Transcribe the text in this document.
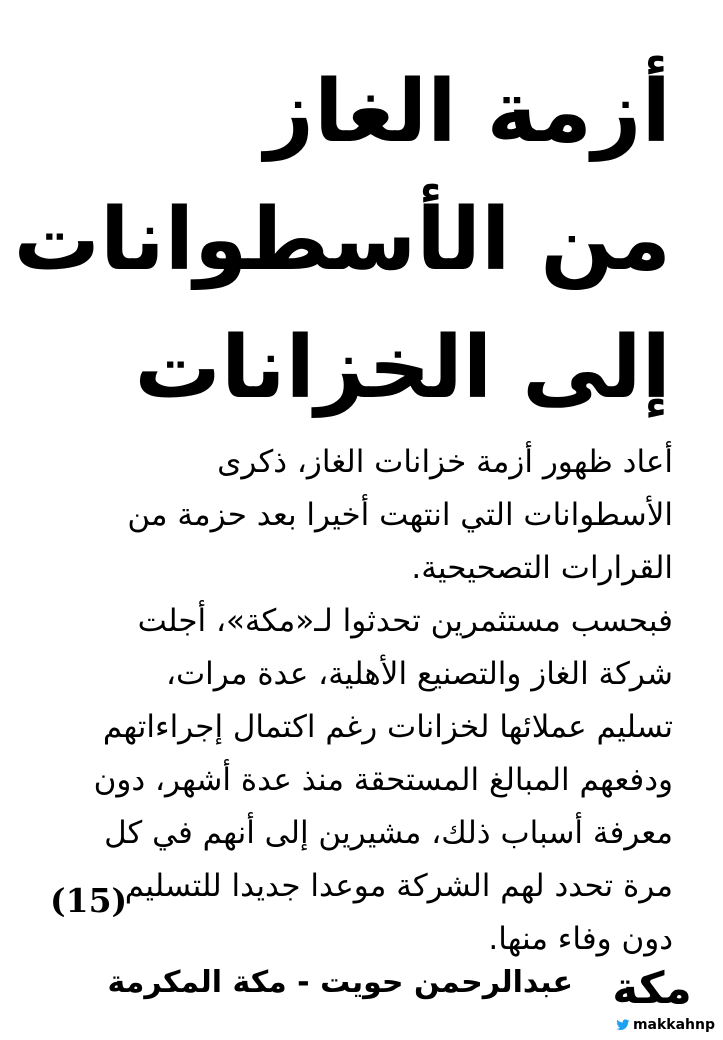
أزمة الغاز
من الأسطوانات
إلى الخزانات
أعاد ظهور أزمة خزانات الغاز، ذكرى
الأسطوانات التي انتهت أخيرا بعد حزمة من
القرارات التصحيحية.
فبحسب مستثمرين تحدثوا لـ«مكة»، أجلت
شركة الغاز والتصنيع الأهلية، عدة مرات،
تسليم عملائها لخزانات رغم اكتمال إجراءاتهم
ودفعهم المبالغ المستحقة منذ عدة أشهر، دون
معرفة أسباب ذلك، مشيرين إلى أنهم في كل
مرة تحدد لهم الشركة موعدا جديدا للتسليم
دون وفاء منها.
(15)
عبدالرحمن حويت - مكة المكرمة مكة
makkahnp
